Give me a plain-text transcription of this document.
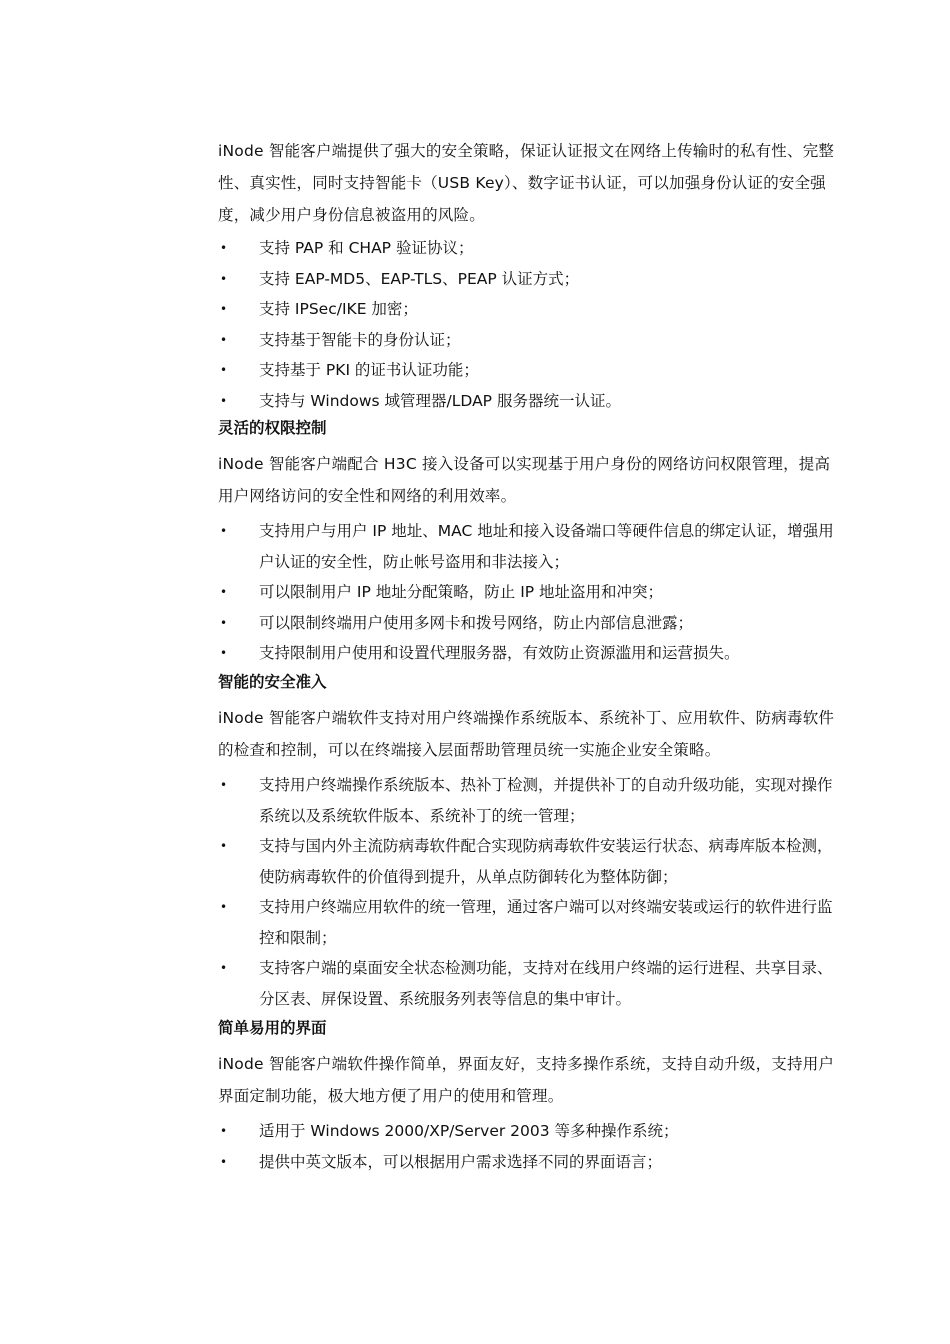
iNode 智能客户端提供了强大的安全策略，保证认证报文在网络上传输时的私有性、完整性、真实性，同时支持智能卡（USB Key）、数字证书认证，可以加强身份认证的安全强度，减少用户身份信息被盗用的风险。

• 支持 PAP 和 CHAP 验证协议；
• 支持 EAP-MD5、EAP-TLS、PEAP 认证方式；
• 支持 IPSec/IKE 加密；
• 支持基于智能卡的身份认证；
• 支持基于 PKI 的证书认证功能；
• 支持与 Windows 域管理器/LDAP 服务器统一认证。
灵活的权限控制

iNode 智能客户端配合 H3C 接入设备可以实现基于用户身份的网络访问权限管理，提高用户网络访问的安全性和网络的利用效率。

• 支持用户与用户 IP 地址、MAC 地址和接入设备端口等硬件信息的绑定认证，增强用户认证的安全性，防止帐号盗用和非法接入；
• 可以限制用户 IP 地址分配策略，防止 IP 地址盗用和冲突；
• 可以限制终端用户使用多网卡和拨号网络，防止内部信息泄露；
• 支持限制用户使用和设置代理服务器，有效防止资源滥用和运营损失。
智能的安全准入

iNode 智能客户端软件支持对用户终端操作系统版本、系统补丁、应用软件、防病毒软件的检查和控制，可以在终端接入层面帮助管理员统一实施企业安全策略。

• 支持用户终端操作系统版本、热补丁检测，并提供补丁的自动升级功能，实现对操作系统以及系统软件版本、系统补丁的统一管理；
• 支持与国内外主流防病毒软件配合实现防病毒软件安装运行状态、病毒库版本检测，使防病毒软件的价值得到提升，从单点防御转化为整体防御；
• 支持用户终端应用软件的统一管理，通过客户端可以对终端安装或运行的软件进行监控和限制；
• 支持客户端的桌面安全状态检测功能，支持对在线用户终端的运行进程、共享目录、分区表、屏保设置、系统服务列表等信息的集中审计。
简单易用的界面

iNode 智能客户端软件操作简单，界面友好，支持多操作系统，支持自动升级，支持用户界面定制功能，极大地方便了用户的使用和管理。

• 适用于 Windows 2000/XP/Server 2003 等多种操作系统；
• 提供中英文版本，可以根据用户需求选择不同的界面语言；
